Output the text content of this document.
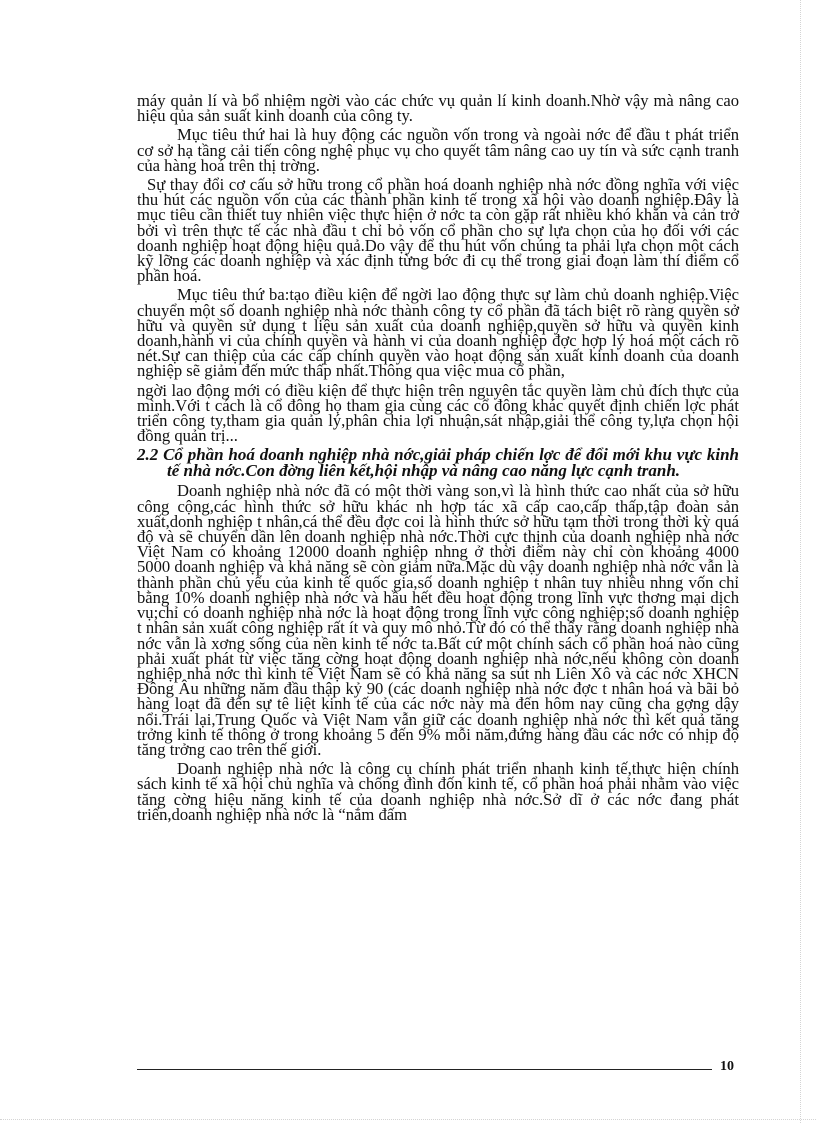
máy quản lí và bổ nhiệm ngời vào các chức vụ quản lí kinh doanh.Nhờ vậy mà nâng cao hiệu qủa sản suất kinh doanh của công ty.

Mục tiêu thứ hai là huy động các nguồn vốn trong và ngoài nớc để đầu t phát triển cơ sở hạ tầng cải tiến công nghệ phục vụ cho quyết tâm nâng cao uy tín và sức cạnh tranh của hàng hoá trên thị trờng.

Sự thay đổi cơ cấu sở hữu trong cổ phần hoá doanh nghiệp nhà nớc đồng nghĩa với việc thu hút các nguồn vốn của các thành phần kinh tế trong xã hội vào doanh nghiệp.Đây là mục tiêu cần thiết tuy nhiên việc thực hiện ở nớc ta còn gặp rất nhiều khó khăn và cản trở bởi vì trên thực tế các nhà đầu t chỉ bỏ vốn cổ phần cho sự lựa chọn của họ đối với các doanh nghiệp hoạt động hiệu quả.Do vậy để thu hút vốn chúng ta phải lựa chọn một cách kỹ lỡng các doanh nghiệp và xác định từng bớc đi cụ thể trong giai đoạn làm thí điểm cổ phần hoá.

Mục tiêu thứ ba:tạo điều kiện để ngời lao động thực sự làm chủ doanh nghiệp.Việc chuyển một số doanh nghiệp nhà nớc thành công ty cổ phần đã tách biệt rõ ràng quyền sở hữu và quyền sử dụng t liệu sản xuất của doanh nghiệp,quyền sở hữu và quyền kinh doanh,hành vi của chính quyền và hành vi của doanh nghiệp đợc hợp lý hoá một cách rõ nét.Sự can thiệp của các cấp chính quyền vào hoạt động sản xuất kinh doanh của doanh nghiệp sẽ giảm đến mức thấp nhất.Thông qua việc mua cổ phần,

ngời lao động mới có điều kiện để thực hiện trên nguyên tắc quyền làm chủ đích thực của mình.Với t cách là cổ đông họ tham gia cùng các cổ đông khác quyết định chiến lợc phát triển công ty,tham gia quản lý,phân chia lợi nhuận,sát nhập,giải thể công ty,lựa chọn hội đồng quản trị...

2.2 Cổ phần hoá doanh nghiệp nhà nớc,giải pháp chiến lợc để đổi mới khu vực kinh tế nhà nớc.Con đờng liên kết,hội nhập và nâng cao năng lực cạnh tranh.

Doanh nghiệp nhà nớc đã có một thời vàng son,vì là hình thức cao nhất của sở hữu công cộng,các hình thức sở hữu khác nh hợp tác xã cấp cao,cấp thấp,tập đoàn sản xuất,donh nghiệp t nhân,cá thể đều đợc coi là hình thức sở hữu tạm thời trong thời kỳ quá độ và sẽ chuyển dần lên doanh nghiệp nhà nớc.Thời cực thịnh của doanh nghiệp nhà nớc Việt Nam có khoảng 12000 doanh nghiệp nhng ở thời điểm này chỉ còn khoảng 4000 5000 doanh nghiệp và khả năng sẽ còn giảm nữa.Mặc dù vậy doanh nghiệp nhà nớc vẫn là thành phần chủ yếu của kinh tế quốc gia,số doanh nghiệp t nhân tuy nhiều nhng vốn chỉ bằng 10% doanh nghiệp nhà nớc và hầu hết đều hoạt động trong lĩnh vực thơng mại dịch vụ;chỉ có doanh nghiệp nhà nớc là hoạt động trong lĩnh vực công nghiệp;số doanh nghiệp t nhân sản xuất công nghiệp rất ít và quy mô nhỏ.Từ đó có thể thấy rằng doanh nghiệp nhà nớc vẫn là xơng sống của nền kinh tế nớc ta.Bất cứ một chính sách cổ phần hoá nào cũng phải xuất phát từ việc tăng cờng hoạt động doanh nghiệp nhà nớc,nếu không còn doanh nghiệp nhà nớc thì kinh tế Việt Nam sẽ có khả năng sa sút nh Liên Xô và các nớc XHCN Đông Âu những năm đầu thập kỷ 90 (các doanh nghiệp nhà nớc đợc t nhân hoá và bãi bỏ hàng loạt đã đến sự tê liệt kinh tế của các nớc này mà đến hôm nay cũng cha gợng dậy nổi.Trái lại,Trung Quốc và Việt Nam vẫn giữ các doanh nghiệp nhà nớc thì kết quả tăng trởng kinh tế thông ở trong khoảng 5 đến 9% mỗi năm,đứng hàng đầu các nớc có nhịp độ tăng trởng cao trên thế giới.

Doanh nghiệp nhà nớc là công cụ chính phát triển nhanh kinh tế,thực hiện chính sách kinh tế xã hội chủ nghĩa và chống đình đốn kinh tế, cổ phần hoá phải nhằm vào việc tăng cờng hiệu năng kinh tế của doanh nghiệp nhà nớc.Sở dĩ ở các nớc đang phát triển,doanh nghiệp nhà nớc là “nắm đấm

10
